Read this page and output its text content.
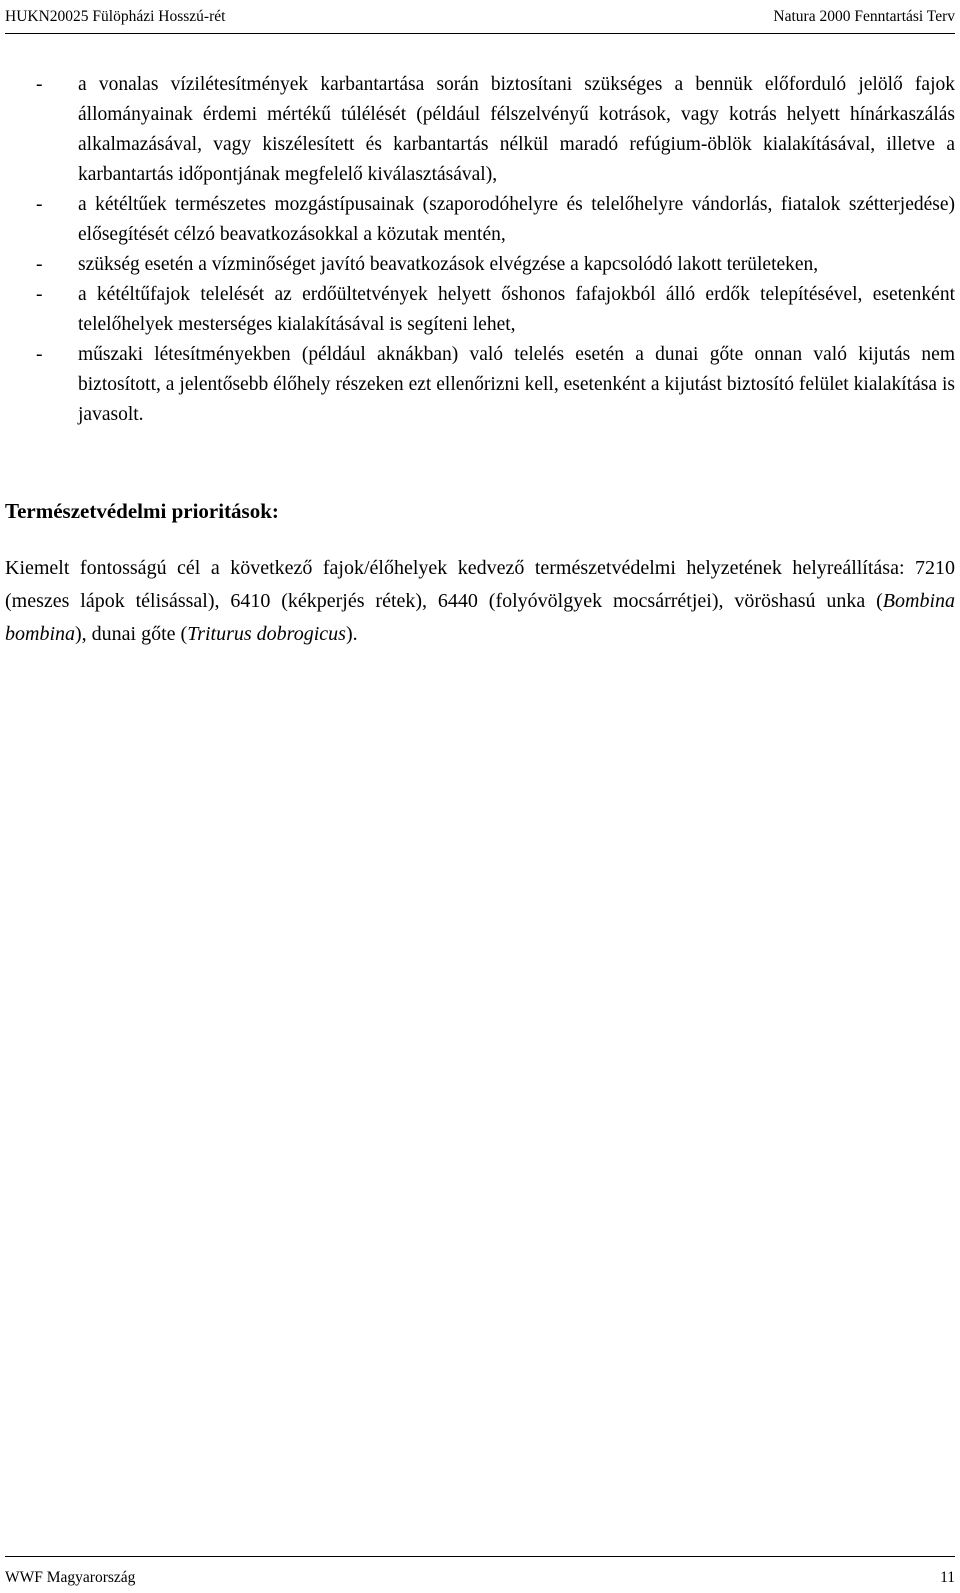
HUKN20025 Fülöpházi Hosszú-rét	Natura 2000 Fenntartási Terv
- a vonalas vízilétesítmények karbantartása során biztosítani szükséges a bennük előforduló jelölő fajok állományainak érdemi mértékű túlélését (például félszelvényű kotrások, vagy kotrás helyett hínárkaszálás alkalmazásával, vagy kiszélesített és karbantartás nélkül maradó refúgium-öblök kialakításával, illetve a karbantartás időpontjának megfelelő kiválasztásával),
- a kétéltűek természetes mozgástípusainak (szaporodóhelyre és telelőhelyre vándorlás, fiatalok szétterjedése) elősegítését célzó beavatkozásokkal a közutak mentén,
- szükség esetén a vízminőséget javító beavatkozások elvégzése a kapcsolódó lakott területeken,
- a kétéltűfajok telelését az erdőültetvények helyett őshonos fafajokból álló erdők telepítésével, esetenként telelőhelyek mesterséges kialakításával is segíteni lehet,
- műszaki létesítményekben (például aknákban) való telelés esetén a dunai gőte onnan való kijutás nem biztosított, a jelentősebb élőhely részeken ezt ellenőrizni kell, esetenként a kijutást biztosító felület kialakítása is javasolt.
Természetvédelmi prioritások:

Kiemelt fontosságú cél a következő fajok/élőhelyek kedvező természetvédelmi helyzetének helyreállítása: 7210 (meszes lápok télisással), 6410 (kékperjés rétek), 6440 (folyóvölgyek mocsárrétjei), vöröshasú unka (Bombina bombina), dunai gőte (Triturus dobrogicus).

WWF Magyarország	11
